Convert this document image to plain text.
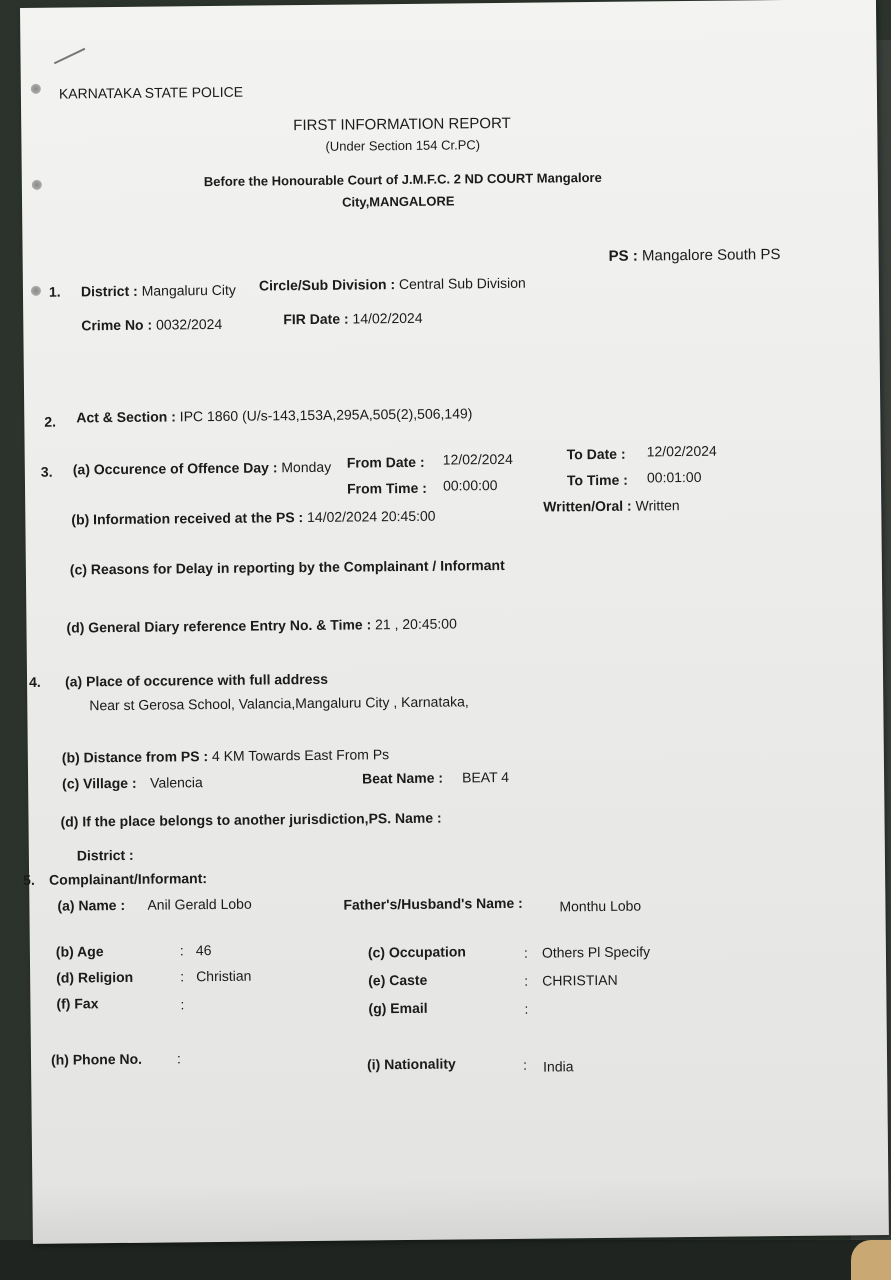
KARNATAKA STATE POLICE
FIRST INFORMATION REPORT
(Under Section 154 Cr.PC)
Before the Honourable Court of J.M.F.C. 2 ND COURT Mangalore
City,MANGALORE
1. District : Mangaluru City Circle/Sub Division : Central Sub Division
PS : Mangalore South PS
Crime No : 0032/2024	FIR Date : 14/02/2024
2. Act & Section : IPC 1860 (U/s-143,153A,295A,505(2),506,149)
3. (a) Occurence of Offence Day : Monday From Date : 12/02/2024	To Date : 12/02/2024
From Time : 00:00:00	To Time : 00:01:00
(b) Information received at the PS : 14/02/2024 20:45:00
Written/Oral : Written
(c) Reasons for Delay in reporting by the Complainant / Informant
(d) General Diary reference Entry No. & Time : 21 , 20:45:00
4. (a) Place of occurence with full address
Near st Gerosa School, Valancia,Mangaluru City , Karnataka,
(b) Distance from PS : 4 KM Towards East From Ps
(c) Village : Valencia	Beat Name : BEAT 4
(d) If the place belongs to another jurisdiction,PS. Name :
District :
5. Complainant/Informant:
(a) Name : Anil Gerald Lobo	Father's/Husband's Name :	Monthu Lobo
(b) Age	: 46	(c) Occupation	: Others Pl Specify
(d) Religion	: Christian	(e) Caste	: CHRISTIAN
(f) Fax	:	(g) Email	:
(h) Phone No. :	(i) Nationality	: India
